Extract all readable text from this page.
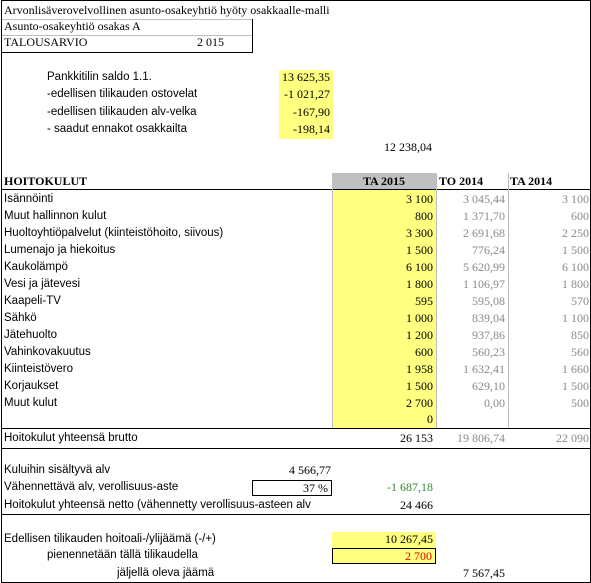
Arvonlisäverovelvollinen asunto-osakeyhtiö hyöty osakkaalle-malli
Asunto-osakeyhtiö osakas A
TALOUSARVIO	2 015
Pankkitilin saldo 1.1.	13 625,35
-edellisen tilikauden ostovelat	-1 021,27
-edellisen tilikauden alv-velka	-167,90
- saadut ennakot osakkailta	-198,14
12 238,04
HOITOKULUT	TA 2015	TO 2014	TA 2014
Isännöinti	3 100	3 045,44	3 100
Muut hallinnon kulut	800	1 371,70	600
Huoltoyhtiöpalvelut (kiinteistöhoito, siivous)	3 300	2 691,68	2 250
Lumenajo ja hiekoitus	1 500	776,24	1 500
Kaukolämpö	6 100	5 620,99	6 100
Vesi ja jätevesi	1 800	1 106,97	1 800
Kaapeli-TV	595	595,08	570
Sähkö	1 000	839,04	1 100
Jätehuolto	1 200	937,86	850
Vahinkovakuutus	600	560,23	560
Kiinteistövero	1 958	1 632,41	1 660
Korjaukset	1 500	629,10	1 500
Muut kulut	2 700	0,00	500
0
Hoitokulut yhteensä brutto	26 153	19 806,74	22 090
Kuluihin sisältyvä alv	4 566,77
Vähennettävä alv, verollisuus-aste	37 %	-1 687,18
Hoitokulut yhteensä netto (vähennetty verollisuus-asteen alv	24 466
Edellisen tilikauden hoitoali-/ylijäämä (-/+)	10 267,45
pienennetään tällä tilikaudella	2 700
jäljellä oleva jäämä	7 567,45
